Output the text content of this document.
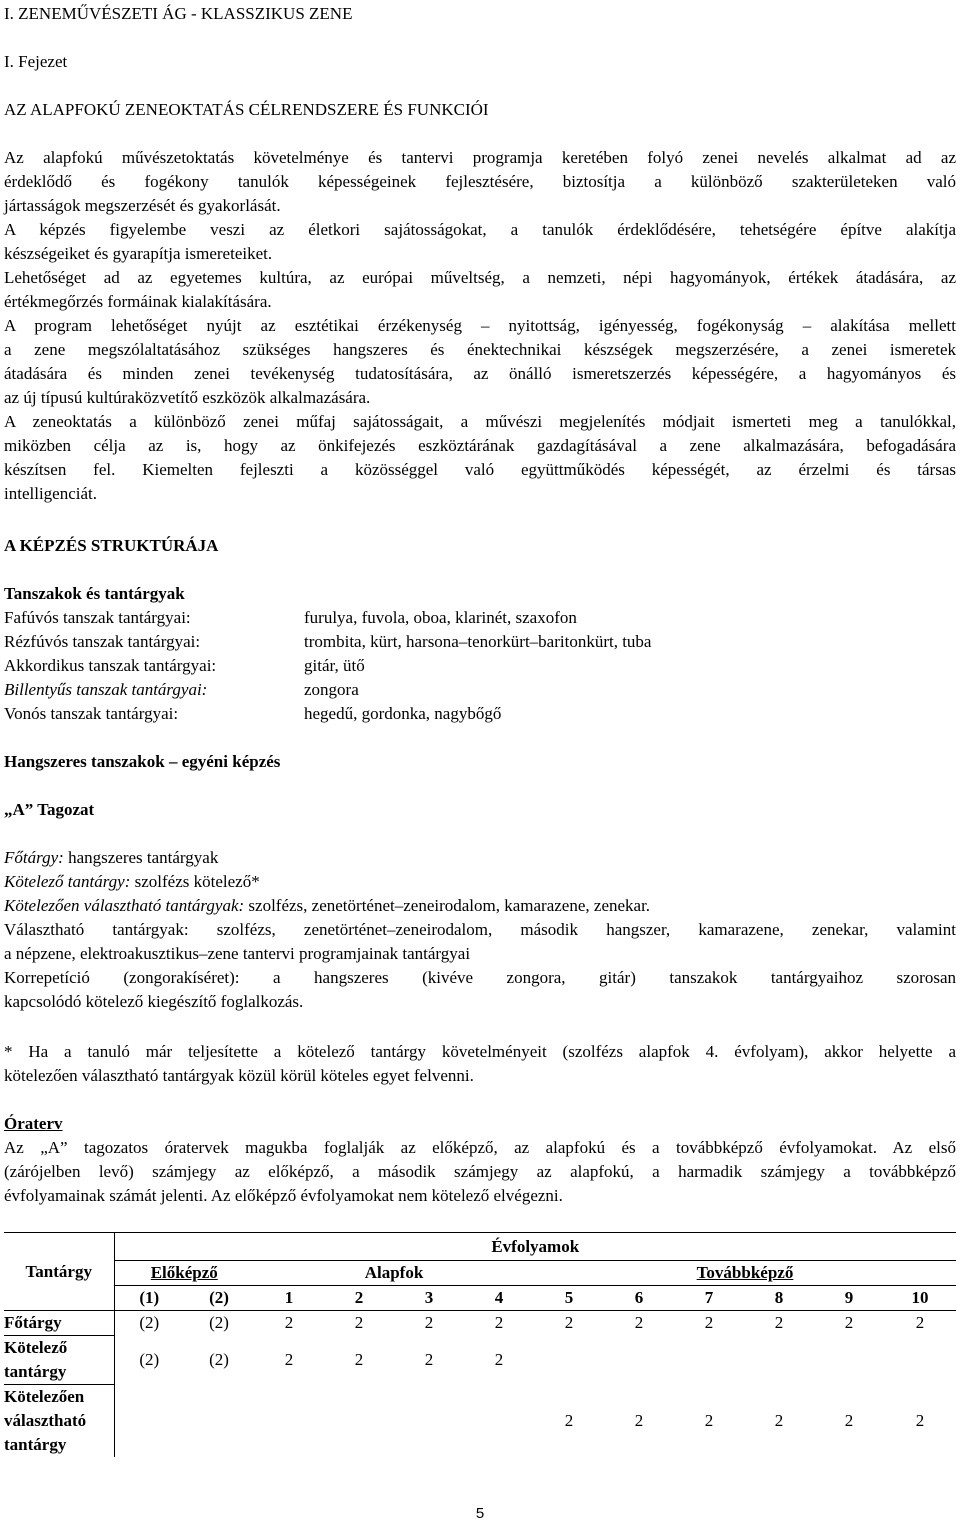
I. ZENEMŰVÉSZETI ÁG - KLASSZIKUS ZENE
I. Fejezet
AZ ALAPFOKÚ ZENEOKTATÁS CÉLRENDSZERE ÉS FUNKCIÓI
Az alapfokú művészetoktatás követelménye és tantervi programja keretében folyó zenei nevelés alkalmat ad az
érdeklődő és fogékony tanulók képességeinek fejlesztésére, biztosítja a különböző szakterületeken való
jártasságok megszerzését és gyakorlását.
A képzés figyelembe veszi az életkori sajátosságokat, a tanulók érdeklődésére, tehetségére építve alakítja
készségeiket és gyarapítja ismereteiket.
Lehetőséget ad az egyetemes kultúra, az európai műveltség, a nemzeti, népi hagyományok, értékek átadására, az
értékmegőrzés formáinak kialakítására.
A program lehetőséget nyújt az esztétikai érzékenység – nyitottság, igényesség, fogékonyság – alakítása mellett
a zene megszólaltatásához szükséges hangszeres és énektechnikai készségek megszerzésére, a zenei ismeretek
átadására és minden zenei tevékenység tudatosítására, az önálló ismeretszerzés képességére, a hagyományos és
az új típusú kultúraközvetítő eszközök alkalmazására.
A zeneoktatás a különböző zenei műfaj sajátosságait, a művészi megjelenítés módjait ismerteti meg a tanulókkal,
miközben célja az is, hogy az önkifejezés eszköztárának gazdagításával a zene alkalmazására, befogadására
készítsen fel. Kiemelten fejleszti a közösséggel való együttműködés képességét, az érzelmi és társas
intelligenciát.
A KÉPZÉS STRUKTÚRÁJA
Tanszakok és tantárgyak
Fafúvós tanszak tantárgyai:	furulya, fuvola, oboa, klarinét, szaxofon
Rézfúvós tanszak tantárgyai:	trombita, kürt, harsona–tenorkürt–baritonkürt, tuba
Akkordikus tanszak tantárgyai:	gitár, ütő
Billentyűs tanszak tantárgyai:	zongora
Vonós tanszak tantárgyai:	hegedű, gordonka, nagybőgő
Hangszeres tanszakok – egyéni képzés
„A” Tagozat
Főtárgy: hangszeres tantárgyak
Kötelező tantárgy: szolfézs kötelező*
Kötelezően választható tantárgyak: szolfézs, zenetörténet–zeneirodalom, kamarazene, zenekar.
Választható tantárgyak: szolfézs, zenetörténet–zeneirodalom, második hangszer, kamarazene, zenekar, valamint
a népzene, elektroakusztikus–zene tantervi programjainak tantárgyai
Korrepetíció (zongorakíséret): a hangszeres (kivéve zongora, gitár) tanszakok tantárgyaihoz szorosan
kapcsolódó kötelező kiegészítő foglalkozás.
* Ha a tanuló már teljesítette a kötelező tantárgy követelményeit (szolfézs alapfok 4. évfolyam), akkor helyette a
kötelezően választható tantárgyak közül körül köteles egyet felvenni.
Óraterv
Az „A” tagozatos óratervek magukba foglalják az előképző, az alapfokú és a továbbképző évfolyamokat. Az első
(zárójelben levő) számjegy az előképző, a második számjegy az alapfokú, a harmadik számjegy a továbbképző
évfolyamainak számát jelenti. Az előképző évfolyamokat nem kötelező elvégezni.
Tantárgy	Évfolyamok											
	Előképző		Alapfok				Továbbképző					
	(1)	(2)	1	2	3	4	5	6	7	8	9	10
Főtárgy	(2)	(2)	2	2	2	2	2	2	2	2	2	2
Kötelező tantárgy	(2)	(2)	2	2	2	2						
Kötelezően választható tantárgy							2	2	2	2	2	2
5
